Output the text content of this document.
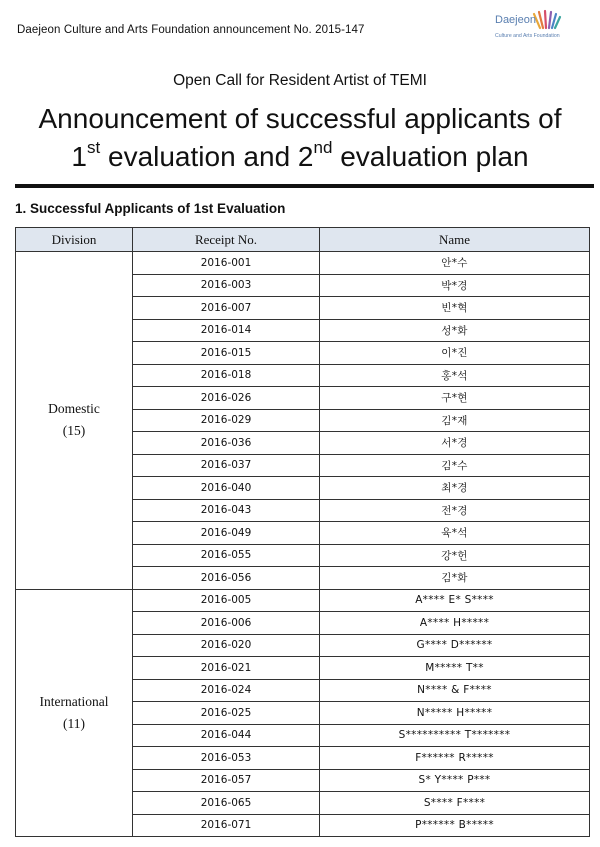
Daejeon Culture and Arts Foundation announcement No. 2015-147
Daejeon
Culture and Arts Foundation
Open Call for Resident Artist of TEMI
Announcement of successful applicants of
1st evaluation and 2nd evaluation plan
1. Successful Applicants of 1st Evaluation
Division	Receipt No.	Name

Domestic
(15)	2016-001	안*수
	2016-003	박*경
	2016-007	빈*혁
	2016-014	성*화
	2016-015	이*진
	2016-018	홍*석
	2016-026	구*현
	2016-029	김*재
	2016-036	서*경
	2016-037	김*수
	2016-040	최*경
	2016-043	전*경
	2016-049	육*석
	2016-055	강*헌
	2016-056	김*화

International
(11)	2016-005	A**** E* S****
	2016-006	A**** H*****
	2016-020	G**** D******
	2016-021	M***** T**
	2016-024	N**** & F****
	2016-025	N***** H*****
	2016-044	S********** T*******
	2016-053	F****** R*****
	2016-057	S* Y**** P***
	2016-065	S**** F****
	2016-071	P****** B*****
